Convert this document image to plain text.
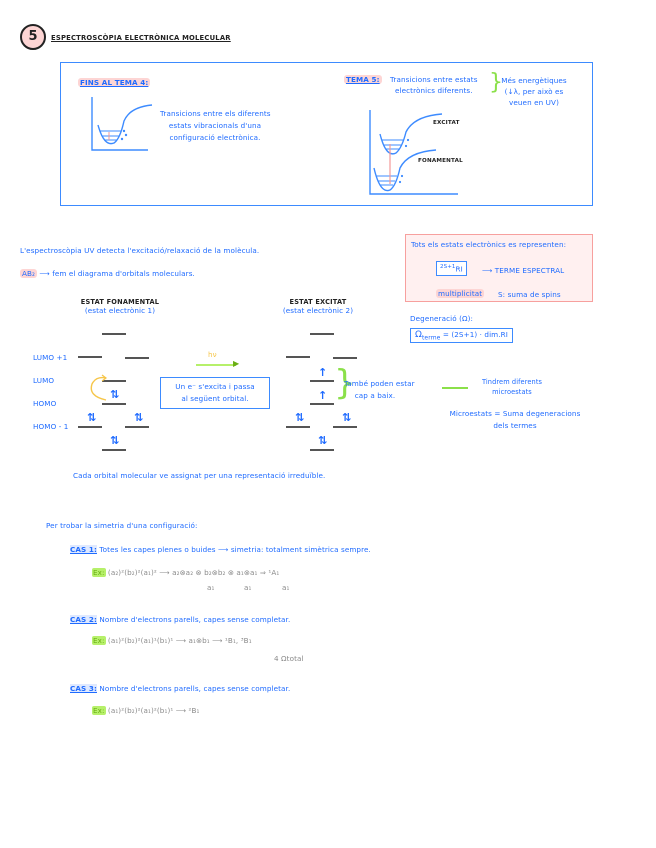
5	ESPECTROSCÒPIA ELECTRÒNICA MOLECULAR
FINS AL TEMA 4:
Transicions entre els diferents
estats vibracionals d'una
configuració electrònica.
TEMA 5: Transicions entre estats
electrònics diferents. }
Més energètiques
(↓λ, per això es
veuen en UV)
EXCITAT
FONAMENTAL
L'espectroscòpia UV detecta l'excitació/relaxació de la molècula.
AB₂ ⟶ fem el diagrama d'orbitals moleculars.
Tots els estats electrònics es representen:
$^{2S+1}$RI	⟶ TERME ESPECTRAL
multiplicitat S: suma de spins
Degeneració (Ω):
$\Omega_{terme} = (2S+1) \cdot dim.RI$
ESTAT FONAMENTAL
(estat electrònic 1)
ESTAT EXCITAT
(estat electrònic 2)
LUMO +1
LUMO
HOMO
HOMO - 1
⇅
⇅	⇅
⇅
hν
▶
Un e⁻ s'excita i passa
al següent orbital.
↑
↑
⇅	⇅
⇅
}
També poden estar
cap a baix.
Tindrem diferents
microestats
Microestats = Suma degeneracions
dels termes
Cada orbital molecular ve assignat per una representació irreduïble.
Per trobar la simetria d'una configuració:
CAS 1: Totes les capes plenes o buides ⟶ simetria: totalment simètrica sempre.
Ex: (a₂)²(b₂)²(a₁)² ⟶ a₂⊗a₂ ⊗ b₂⊗b₂ ⊗ a₁⊗a₁ ⇒ ¹A₁
a₁	a₁	a₁
CAS 2: Nombre d'electrons parells, capes sense completar.
Ex: (a₁)²(b₂)²(a₁)¹(b₁)¹ ⟶ a₁⊗b₁ ⟶ ¹B₁, ³B₁
4 Ωtotal
CAS 3: Nombre d'electrons parells, capes sense completar.
Ex: (a₁)²(b₂)²(a₁)²(b₁)¹ ⟶ ²B₁
